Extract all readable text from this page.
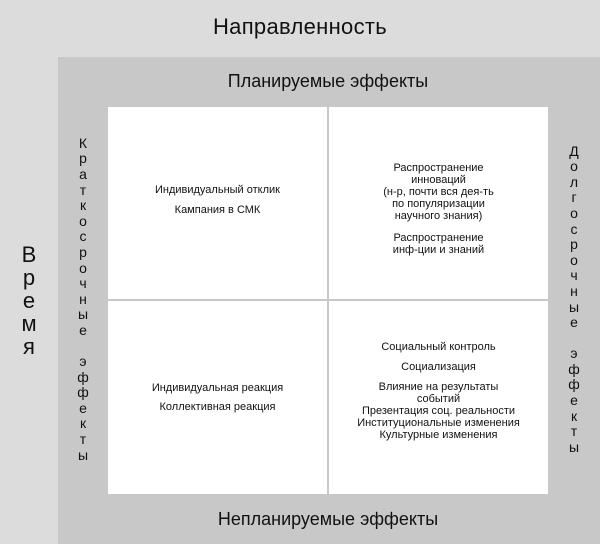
Направленность
В
р
е
м
я
Планируемые эффекты
К
р
а
т
к
о
с
р
о
ч
н
ы
е

э
ф
ф
е
к
т
ы
Д
о
л
г
о
с
р
о
ч
н
ы
е

э
ф
ф
е
к
т
ы
Индивидуальный отклик
Кампания в СМК
Распространение
инноваций
(н-р, почти вся дея-ть
по популяризации
научного знания)
Распространение
инф-ции и знаний
Индивидуальная реакция
Коллективная реакция
Социальный контроль
Социализация
Влияние на результаты
событий
Презентация соц. реальности
Институциональные изменения
Культурные изменения
Непланируемые эффекты
